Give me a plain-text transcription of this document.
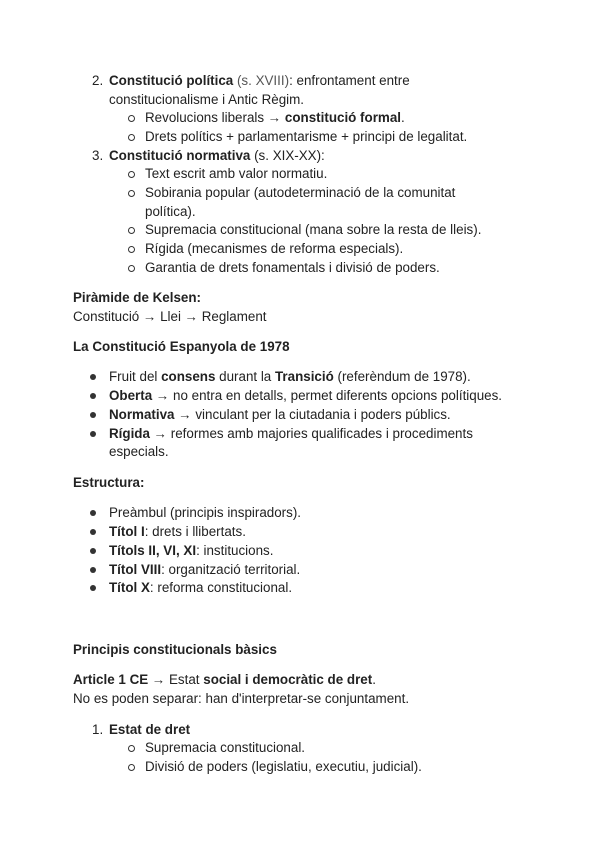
2. Constitució política (s. XVIII): enfrontament entre
constitucionalisme i Antic Règim.
Revolucions liberals → constitució formal.
Drets polítics + parlamentarisme + principi de legalitat.
3. Constitució normativa (s. XIX-XX):
Text escrit amb valor normatiu.
Sobirania popular (autodeterminació de la comunitat
política).
Supremacia constitucional (mana sobre la resta de lleis).
Rígida (mecanismes de reforma especials).
Garantia de drets fonamentals i divisió de poders.
Piràmide de Kelsen:
Constitució → Llei → Reglament
La Constitució Espanyola de 1978
Fruit del consens durant la Transició (referèndum de 1978).
Oberta → no entra en detalls, permet diferents opcions polítiques.
Normativa → vinculant per la ciutadania i poders públics.
Rígida → reformes amb majories qualificades i procediments
especials.
Estructura:
Preàmbul (principis inspiradors).
Títol I: drets i llibertats.
Títols II, VI, XI: institucions.
Títol VIII: organització territorial.
Títol X: reforma constitucional.
Principis constitucionals bàsics
Article 1 CE → Estat social i democràtic de dret.
No es poden separar: han d'interpretar-se conjuntament.
1. Estat de dret
Supremacia constitucional.
Divisió de poders (legislatiu, executiu, judicial).
